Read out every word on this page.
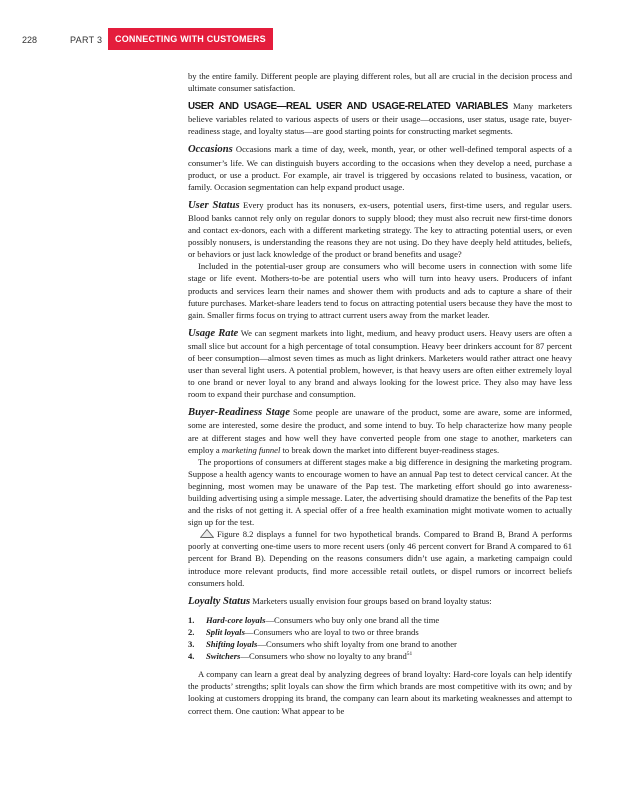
228	PART 3 CONNECTING WITH CUSTOMERS

by the entire family. Different people are playing different roles, but all are crucial in the decision process and ultimate consumer satisfaction.

USER AND USAGE—REAL USER AND USAGE-RELATED VARIABLES Many marketers believe variables related to various aspects of users or their usage—occasions, user status, usage rate, buyer-readiness stage, and loyalty status—are good starting points for constructing market segments.

Occasions Occasions mark a time of day, week, month, year, or other well-defined temporal aspects of a consumer’s life. We can distinguish buyers according to the occasions when they develop a need, purchase a product, or use a product. For example, air travel is triggered by occasions related to business, vacation, or family. Occasion segmentation can help expand product usage.

User Status Every product has its nonusers, ex-users, potential users, first-time users, and regular users. Blood banks cannot rely only on regular donors to supply blood; they must also recruit new first-time donors and contact ex-donors, each with a different marketing strategy. The key to attracting potential users, or even possibly nonusers, is understanding the reasons they are not using. Do they have deeply held attitudes, beliefs, or behaviors or just lack knowledge of the product or brand benefits and usage?

Included in the potential-user group are consumers who will become users in connection with some life stage or life event. Mothers-to-be are potential users who will turn into heavy users. Producers of infant products and services learn their names and shower them with products and ads to capture a share of their future purchases. Market-share leaders tend to focus on attracting potential users because they have the most to gain. Smaller firms focus on trying to attract current users away from the market leader.

Usage Rate We can segment markets into light, medium, and heavy product users. Heavy users are often a small slice but account for a high percentage of total consumption. Heavy beer drinkers account for 87 percent of beer consumption—almost seven times as much as light drinkers. Marketers would rather attract one heavy user than several light users. A potential problem, however, is that heavy users are often either extremely loyal to one brand or never loyal to any brand and always looking for the lowest price. They also may have less room to expand their purchase and consumption.

Buyer-Readiness Stage Some people are unaware of the product, some are aware, some are informed, some are interested, some desire the product, and some intend to buy. To help characterize how many people are at different stages and how well they have converted people from one stage to another, marketers can employ a marketing funnel to break down the market into different buyer-readiness stages.

The proportions of consumers at different stages make a big difference in designing the marketing program. Suppose a health agency wants to encourage women to have an annual Pap test to detect cervical cancer. At the beginning, most women may be unaware of the Pap test. The marketing effort should go into awareness-building advertising using a simple message. Later, the advertising should dramatize the benefits of the Pap test and the risks of not getting it. A special offer of a free health examination might motivate women to actually sign up for the test.

Figure 8.2 displays a funnel for two hypothetical brands. Compared to Brand B, Brand A performs poorly at converting one-time users to more recent users (only 46 percent convert for Brand A compared to 61 percent for Brand B). Depending on the reasons consumers didn’t use again, a marketing campaign could introduce more relevant products, find more accessible retail outlets, or dispel rumors or incorrect beliefs consumers hold.

Loyalty Status Marketers usually envision four groups based on brand loyalty status:

1. Hard-core loyals—Consumers who buy only one brand all the time
2. Split loyals—Consumers who are loyal to two or three brands
3. Shifting loyals—Consumers who shift loyalty from one brand to another
4. Switchers—Consumers who show no loyalty to any brand$^{51}$

A company can learn a great deal by analyzing degrees of brand loyalty: Hard-core loyals can help identify the products’ strengths; split loyals can show the firm which brands are most competitive with its own; and by looking at customers dropping its brand, the company can learn about its marketing weaknesses and attempt to correct them. One caution: What appear to be
